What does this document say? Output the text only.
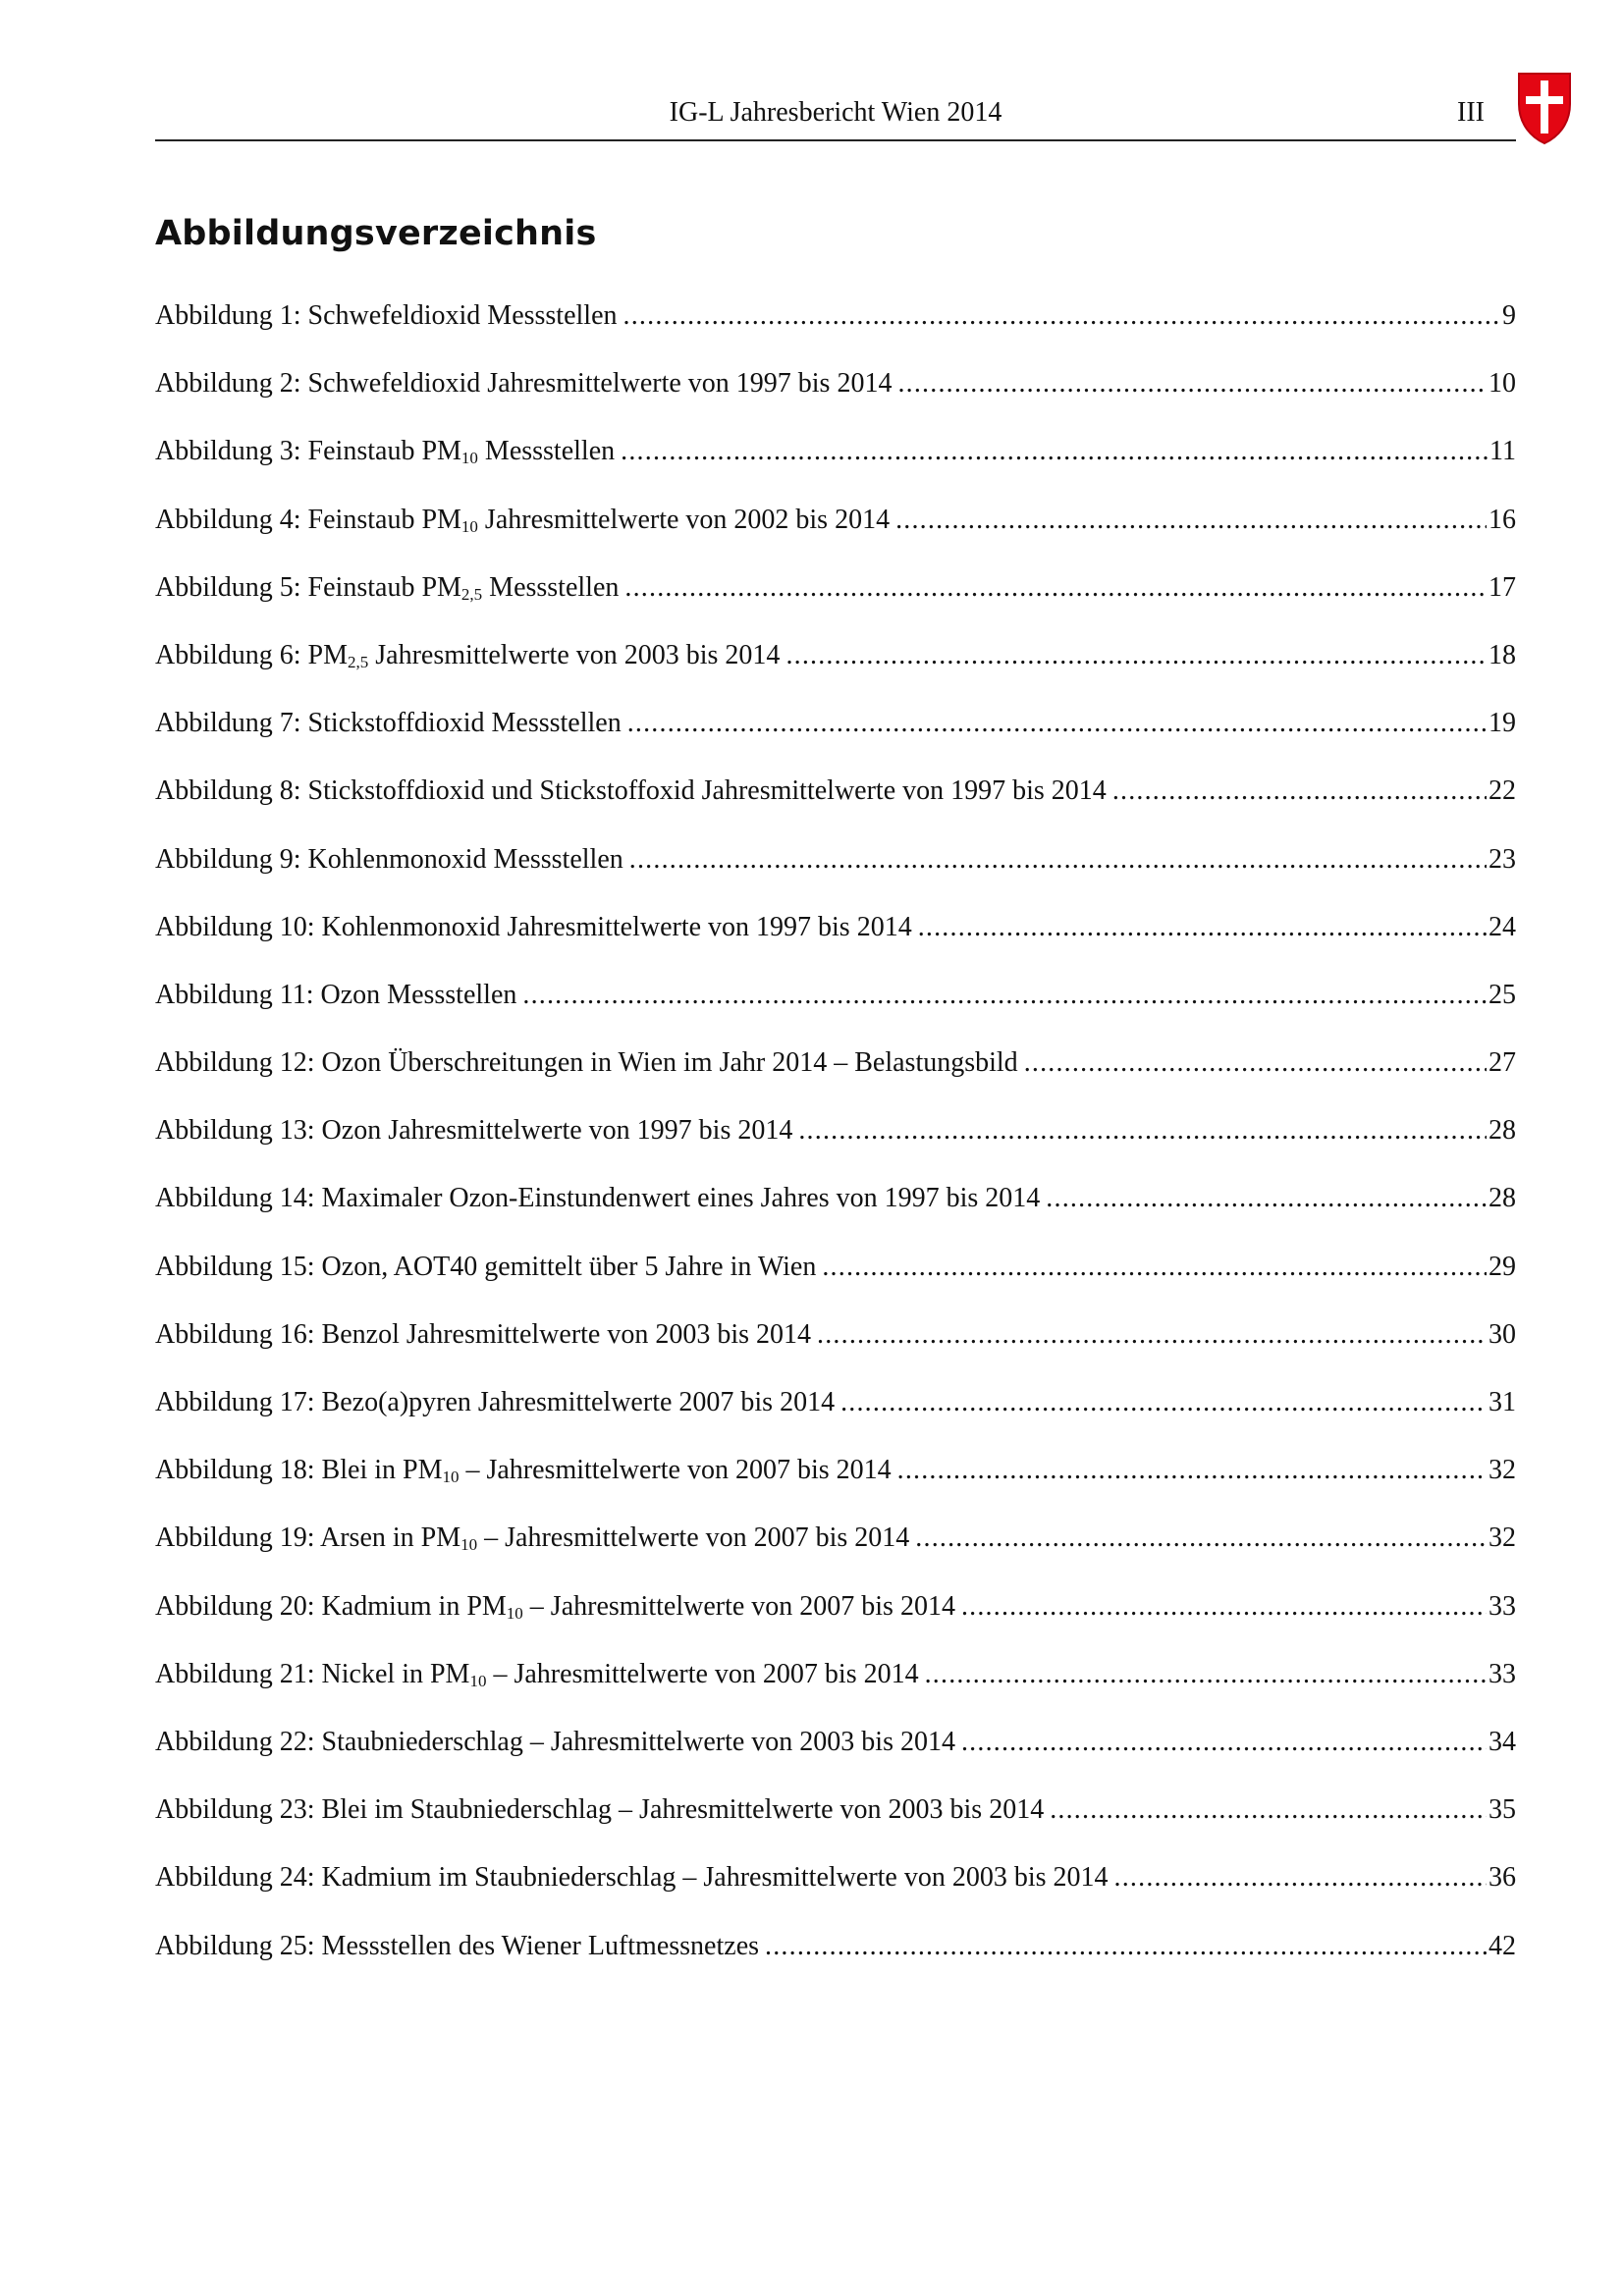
IG-L Jahresbericht Wien 2014	III
Abbildungsverzeichnis
Abbildung 1: Schwefeldioxid Messstellen .....	9
Abbildung 2: Schwefeldioxid Jahresmittelwerte von 1997 bis 2014 .....	10
Abbildung 3: Feinstaub $PM_{10}$ Messstellen .....	11
Abbildung 4: Feinstaub $PM_{10}$ Jahresmittelwerte von 2002 bis 2014 .....	16
Abbildung 5: Feinstaub $PM_{2,5}$ Messstellen .....	17
Abbildung 6: $PM_{2,5}$ Jahresmittelwerte von 2003 bis 2014 .....	18
Abbildung 7: Stickstoffdioxid Messstellen .....	19
Abbildung 8: Stickstoffdioxid und Stickstoffoxid Jahresmittelwerte von 1997 bis 2014 .....	22
Abbildung 9: Kohlenmonoxid Messstellen .....	23
Abbildung 10: Kohlenmonoxid Jahresmittelwerte von 1997 bis 2014 .....	24
Abbildung 11: Ozon Messstellen .....	25
Abbildung 12: Ozon Überschreitungen in Wien im Jahr 2014 – Belastungsbild .....	27
Abbildung 13: Ozon Jahresmittelwerte von 1997 bis 2014 .....	28
Abbildung 14: Maximaler Ozon-Einstundenwert eines Jahres von 1997 bis 2014 .....	28
Abbildung 15: Ozon, AOT40 gemittelt über 5 Jahre in Wien .....	29
Abbildung 16: Benzol Jahresmittelwerte von 2003 bis 2014 .....	30
Abbildung 17: Bezo(a)pyren Jahresmittelwerte 2007 bis 2014 .....	31
Abbildung 18: Blei in $PM_{10}$ – Jahresmittelwerte von 2007 bis 2014 .....	32
Abbildung 19: Arsen in $PM_{10}$ – Jahresmittelwerte von 2007 bis 2014 .....	32
Abbildung 20: Kadmium in $PM_{10}$ – Jahresmittelwerte von 2007 bis 2014 .....	33
Abbildung 21: Nickel in $PM_{10}$ – Jahresmittelwerte von 2007 bis 2014 .....	33
Abbildung 22: Staubniederschlag – Jahresmittelwerte von 2003 bis 2014 .....	34
Abbildung 23: Blei im Staubniederschlag – Jahresmittelwerte von 2003 bis 2014 .....	35
Abbildung 24: Kadmium im Staubniederschlag – Jahresmittelwerte von 2003 bis 2014 .....	36
Abbildung 25: Messstellen des Wiener Luftmessnetzes .....	42
